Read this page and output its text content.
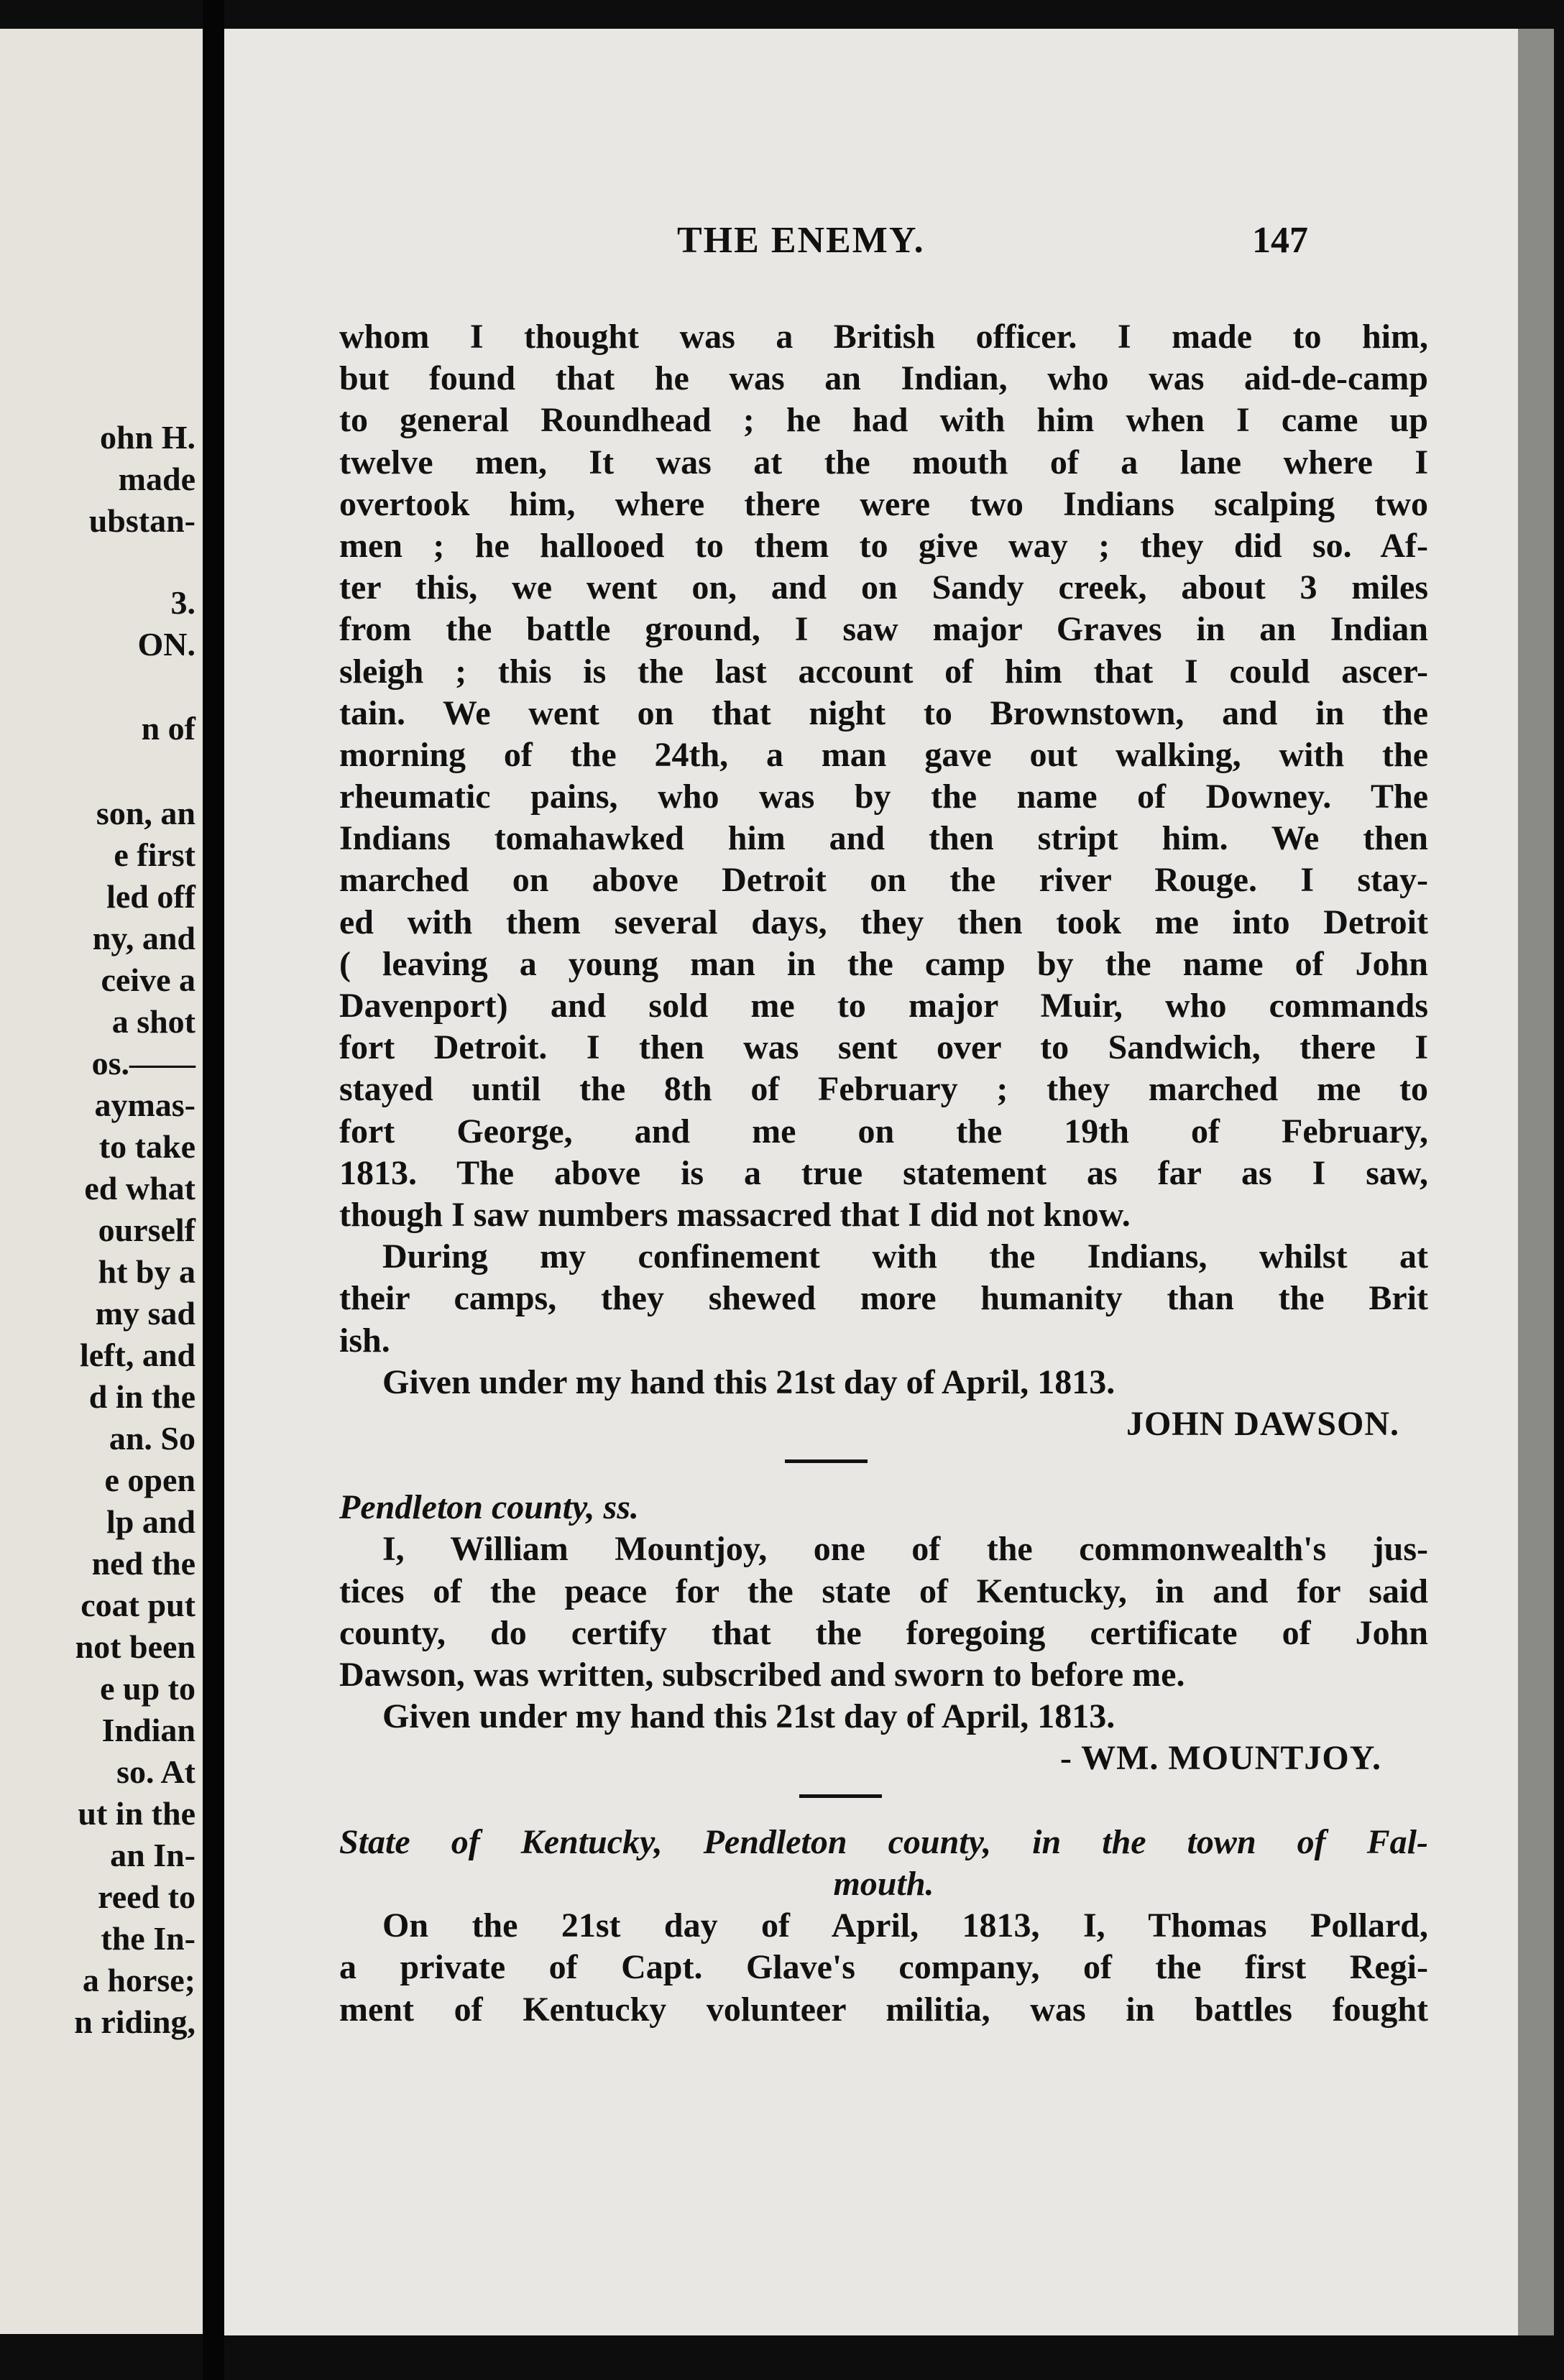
ohn H.
made
ubstan-
3.
ON.
n of
son, an
e first
led off
ny, and
ceive a
a shot
os.——
aymas-
to take
ed what
ourself
ht by a
my sad
left, and
d in the
an. So
e open
lp and
ned the
coat put
not been
e up to
Indian
so. At
ut in the
an In-
reed to
the In-
a horse;
n riding,
THE ENEMY.	147
whom I thought was a British officer. I made to him,
but found that he was an Indian, who was aid-de-camp
to general Roundhead ; he had with him when I came up
twelve men, It was at the mouth of a lane where I
overtook him, where there were two Indians scalping two
men ; he hallooed to them to give way ; they did so. Af-
ter this, we went on, and on Sandy creek, about 3 miles
from the battle ground, I saw major Graves in an Indian
sleigh ; this is the last account of him that I could ascer-
tain. We went on that night to Brownstown, and in the
morning of the 24th, a man gave out walking, with the
rheumatic pains, who was by the name of Downey. The
Indians tomahawked him and then stript him. We then
marched on above Detroit on the river Rouge. I stay-
ed with them several days, they then took me into Detroit
( leaving a young man in the camp by the name of John
Davenport) and sold me to major Muir, who commands
fort Detroit. I then was sent over to Sandwich, there I
stayed until the 8th of February ; they marched me to
fort George, and me on the 19th of February,
1813. The above is a true statement as far as I saw,
though I saw numbers massacred that I did not know.
During my confinement with the Indians, whilst at
their camps, they shewed more humanity than the Brit
ish.
Given under my hand this 21st day of April, 1813.
JOHN DAWSON.
Pendleton county, ss.
I, William Mountjoy, one of the commonwealth's jus-
tices of the peace for the state of Kentucky, in and for said
county, do certify that the foregoing certificate of John
Dawson, was written, subscribed and sworn to before me.
Given under my hand this 21st day of April, 1813.
- WM. MOUNTJOY.
State of Kentucky, Pendleton county, in the town of Fal-
mouth.
On the 21st day of April, 1813, I, Thomas Pollard,
a private of Capt. Glave's company, of the first Regi-
ment of Kentucky volunteer militia, was in battles fought
